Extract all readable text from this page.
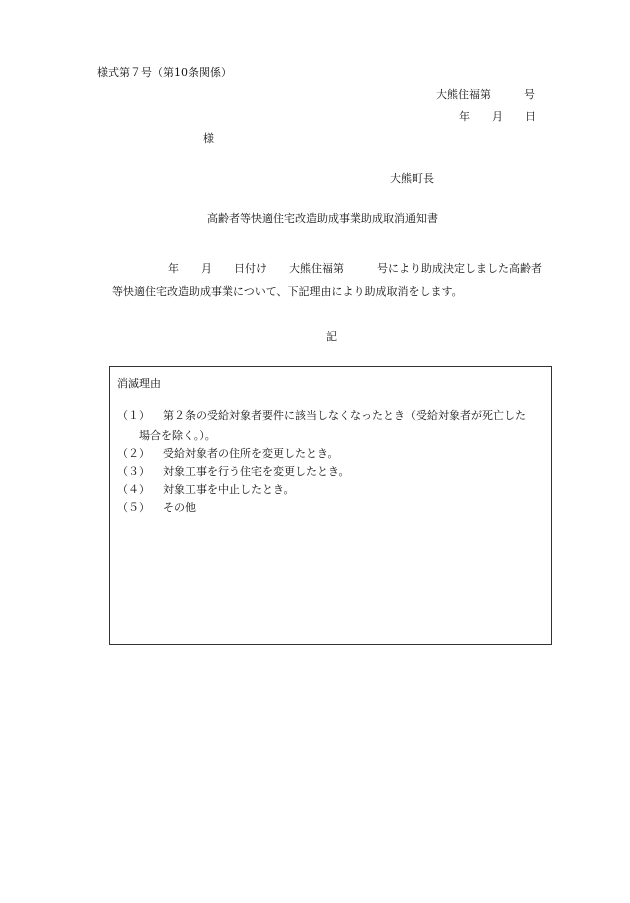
様式第７号（第10条関係）
大熊住福第　　　号
年　　月　　日
様
大熊町長
高齢者等快適住宅改造助成事業助成取消通知書
年　　月　　日付け　　大熊住福第　　　号により助成決定しました高齢者
等快適住宅改造助成事業について、下記理由により助成取消をします。
記
消滅理由
（１） 第２条の受給対象者要件に該当しなくなったとき（受給対象者が死亡した
場合を除く。）。
（２） 受給対象者の住所を変更したとき。
（３） 対象工事を行う住宅を変更したとき。
（４） 対象工事を中止したとき。
（５） その他
